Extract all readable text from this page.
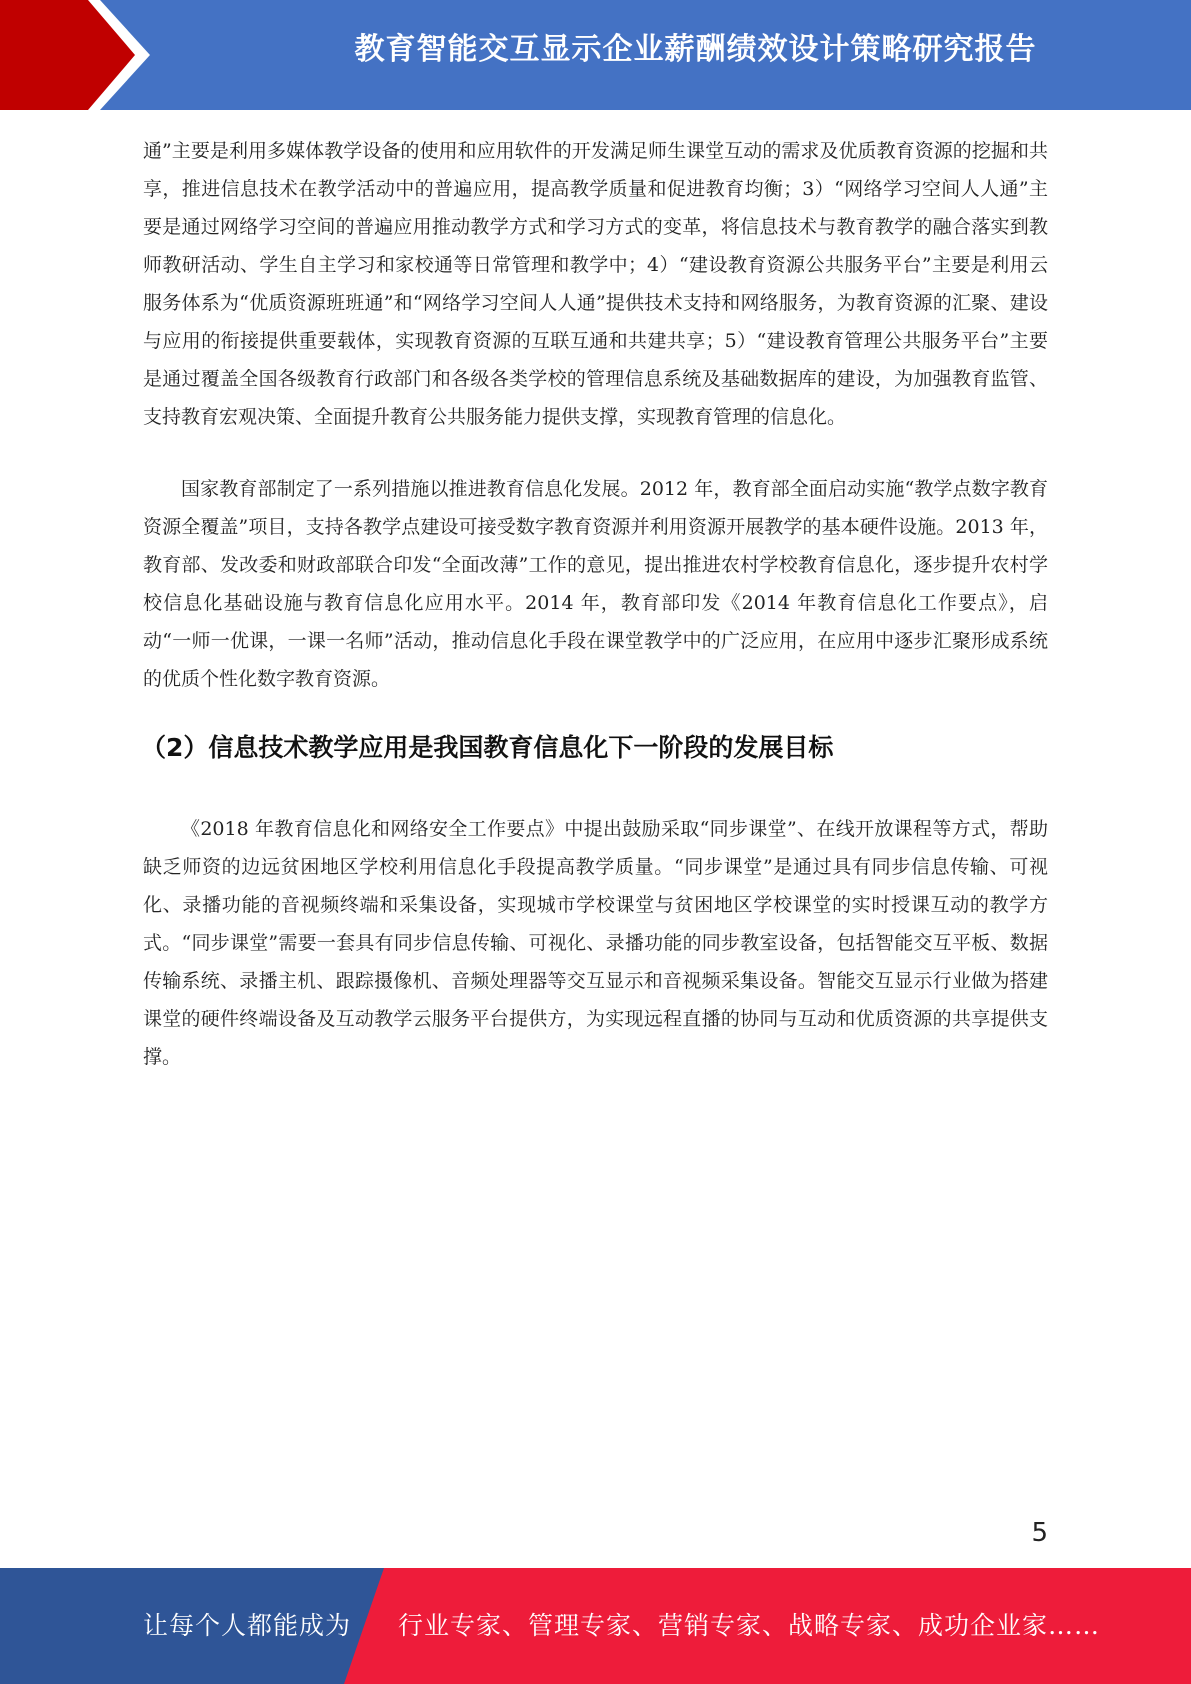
教育智能交互显示企业薪酬绩效设计策略研究报告

通”主要是利用多媒体教学设备的使用和应用软件的开发满足师生课堂互动的需求及优质教育资源的挖掘和共享，推进信息技术在教学活动中的普遍应用，提高教学质量和促进教育均衡；3）“网络学习空间人人通”主要是通过网络学习空间的普遍应用推动教学方式和学习方式的变革，将信息技术与教育教学的融合落实到教师教研活动、学生自主学习和家校通等日常管理和教学中；4）“建设教育资源公共服务平台”主要是利用云服务体系为“优质资源班班通”和“网络学习空间人人通”提供技术支持和网络服务，为教育资源的汇聚、建设与应用的衔接提供重要载体，实现教育资源的互联互通和共建共享；5）“建设教育管理公共服务平台”主要是通过覆盖全国各级教育行政部门和各级各类学校的管理信息系统及基础数据库的建设，为加强教育监管、支持教育宏观决策、全面提升教育公共服务能力提供支撑，实现教育管理的信息化。

国家教育部制定了一系列措施以推进教育信息化发展。2012 年，教育部全面启动实施“教学点数字教育资源全覆盖”项目，支持各教学点建设可接受数字教育资源并利用资源开展教学的基本硬件设施。2013 年，教育部、发改委和财政部联合印发“全面改薄”工作的意见，提出推进农村学校教育信息化，逐步提升农村学校信息化基础设施与教育信息化应用水平。2014 年，教育部印发《2014 年教育信息化工作要点》，启动“一师一优课，一课一名师”活动，推动信息化手段在课堂教学中的广泛应用，在应用中逐步汇聚形成系统的优质个性化数字教育资源。

（2）信息技术教学应用是我国教育信息化下一阶段的发展目标

《2018 年教育信息化和网络安全工作要点》中提出鼓励采取“同步课堂”、在线开放课程等方式，帮助缺乏师资的边远贫困地区学校利用信息化手段提高教学质量。“同步课堂”是通过具有同步信息传输、可视化、录播功能的音视频终端和采集设备，实现城市学校课堂与贫困地区学校课堂的实时授课互动的教学方式。“同步课堂”需要一套具有同步信息传输、可视化、录播功能的同步教室设备，包括智能交互平板、数据传输系统、录播主机、跟踪摄像机、音频处理器等交互显示和音视频采集设备。智能交互显示行业做为搭建课堂的硬件终端设备及互动教学云服务平台提供方，为实现远程直播的协同与互动和优质资源的共享提供支撑。

5
让每个人都能成为 行业专家、管理专家、营销专家、战略专家、成功企业家……
